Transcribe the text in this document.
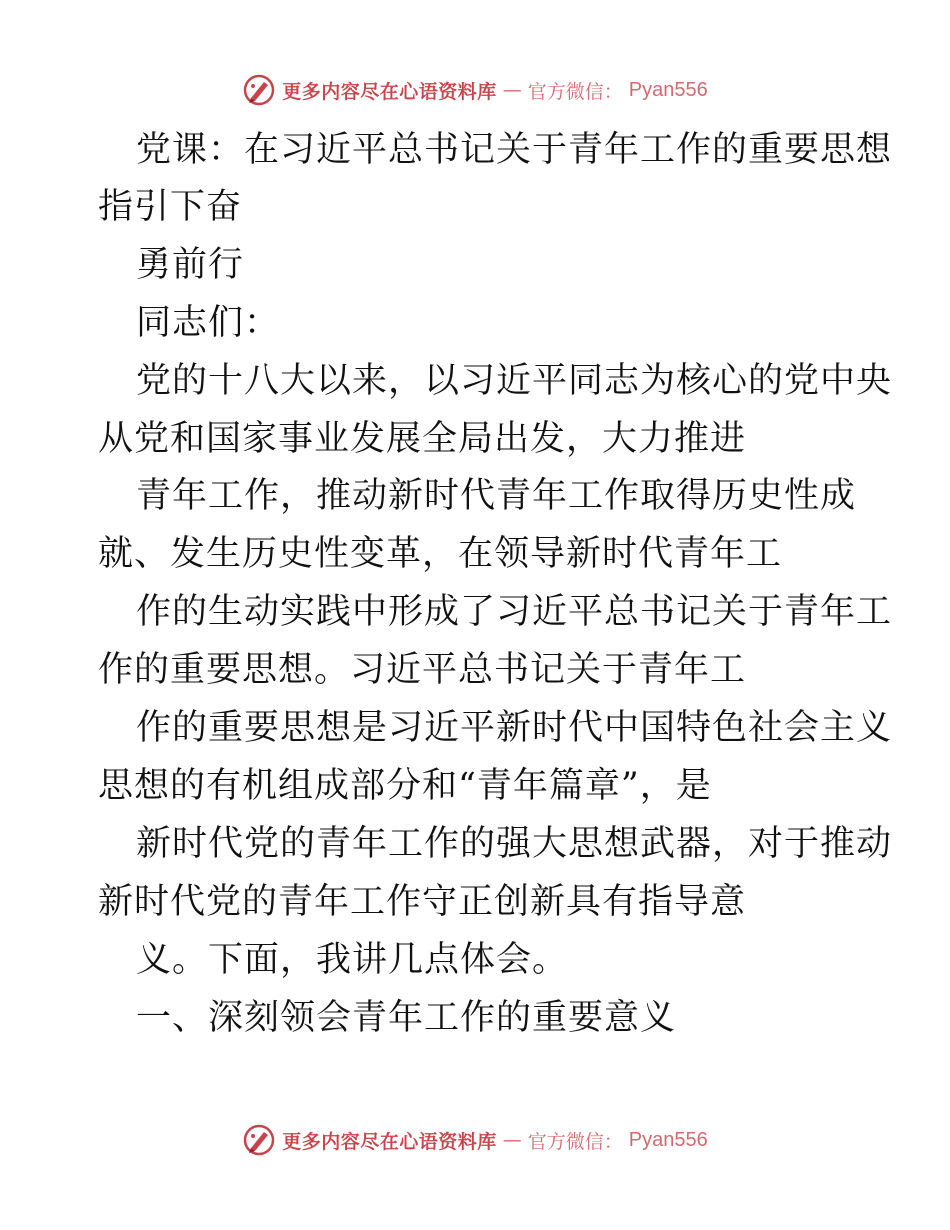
更多内容尽在心语资料库 — 官方微信： Pyan556
党课：在习近平总书记关于青年工作的重要思想
指引下奋
勇前行
同志们：
党的十八大以来，以习近平同志为核心的党中央
从党和国家事业发展全局出发，大力推进
青年工作，推动新时代青年工作取得历史性成
就、发生历史性变革，在领导新时代青年工
作的生动实践中形成了习近平总书记关于青年工
作的重要思想。习近平总书记关于青年工
作的重要思想是习近平新时代中国特色社会主义
思想的有机组成部分和“青年篇章”，是
新时代党的青年工作的强大思想武器，对于推动
新时代党的青年工作守正创新具有指导意
义。下面，我讲几点体会。
一、深刻领会青年工作的重要意义
更多内容尽在心语资料库 — 官方微信： Pyan556
